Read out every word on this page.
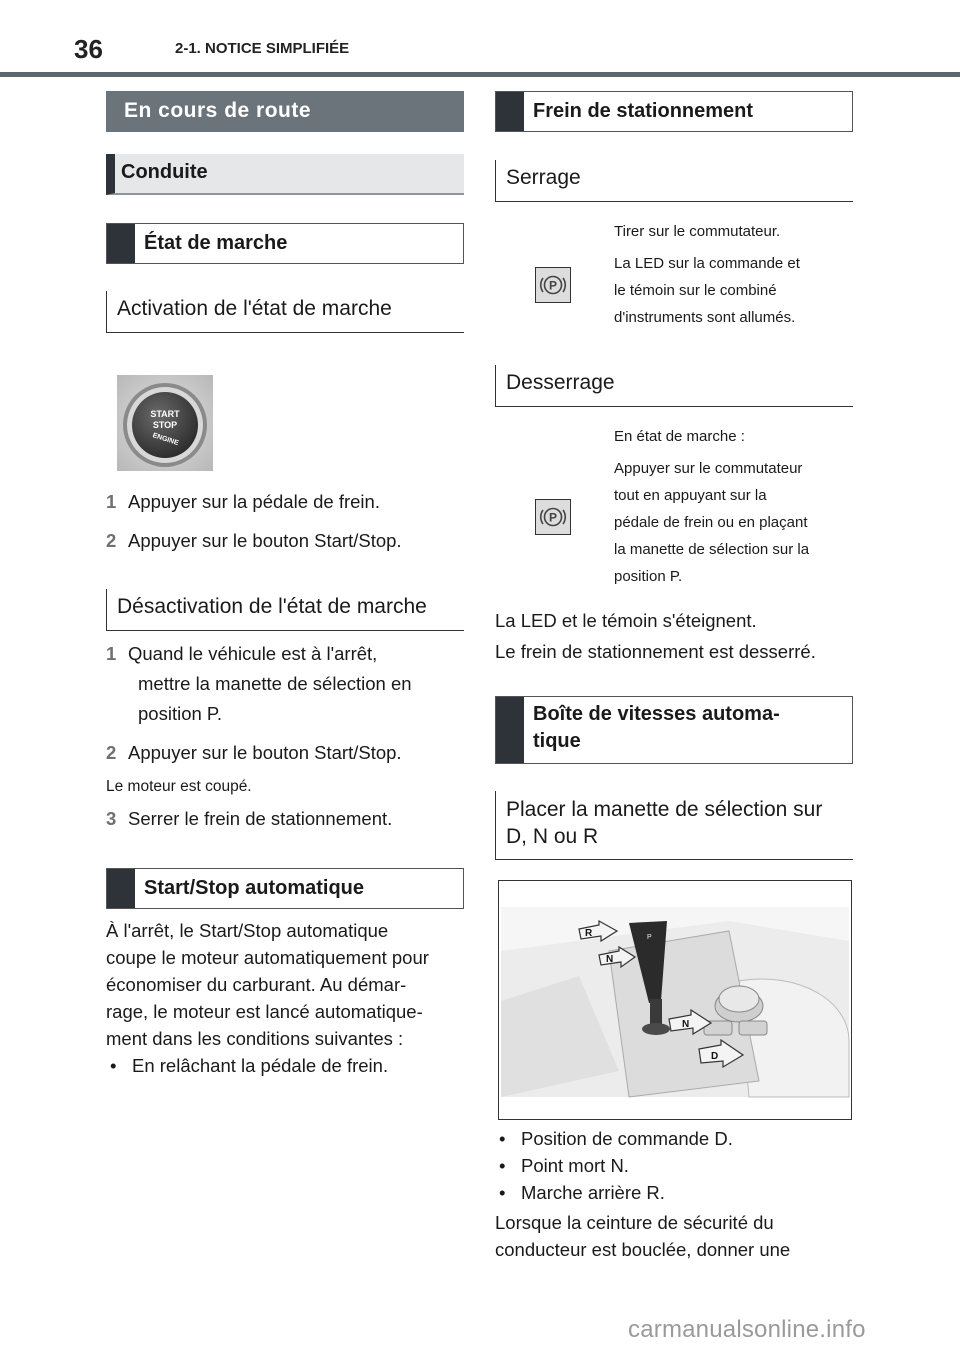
36	2-1. NOTICE SIMPLIFIÉE
En cours de route
Conduite
État de marche
Activation de l'état de marche
START
STOP
ENGINE
1 Appuyer sur la pédale de frein.
2 Appuyer sur le bouton Start/Stop.
Désactivation de l'état de marche
1 Quand le véhicule est à l'arrêt,
mettre la manette de sélection en
position P.
2 Appuyer sur le bouton Start/Stop.
Le moteur est coupé.
3 Serrer le frein de stationnement.
Start/Stop automatique
À l'arrêt, le Start/Stop automatique
coupe le moteur automatiquement pour
économiser du carburant. Au démar-
rage, le moteur est lancé automatique-
ment dans les conditions suivantes :
• En relâchant la pédale de frein.
Frein de stationnement
Serrage
P
Tirer sur le commutateur.
La LED sur la commande et
le témoin sur le combiné
d'instruments sont allumés.
Desserrage
P
En état de marche :
Appuyer sur le commutateur
tout en appuyant sur la
pédale de frein ou en plaçant
la manette de sélection sur la
position P.
La LED et le témoin s'éteignent.
Le frein de stationnement est desserré.
Boîte de vitesses automa-
tique
Placer la manette de sélection sur
D, N ou R
P
R
N
N
D
• Position de commande D.
• Point mort N.
• Marche arrière R.
Lorsque la ceinture de sécurité du
conducteur est bouclée, donner une
carmanualsonline.info
